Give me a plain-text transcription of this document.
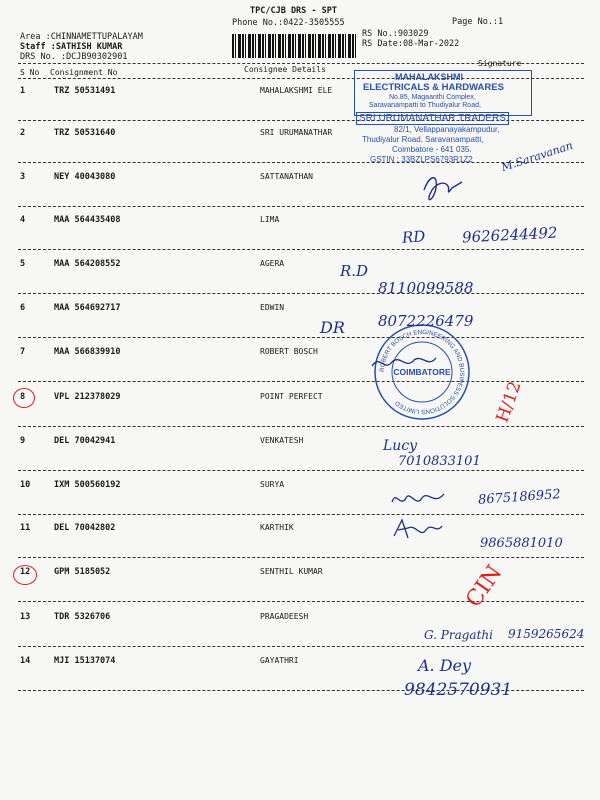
TPC/CJB DRS - SPT
Phone No.:0422-3505555	Page No.:1
Area :CHINNAMETTUPALAYAM
Staff :SATHISH KUMAR
DRS No. :DCJB90302901
RS No.:903029
RS Date:08-Mar-2022
S No Consignment No	Consignee Details
Signature
1	TRZ 50531491	MAHALAKSHMI ELE
2	TRZ 50531640	SRI URUMANATHAR
3	NEY 40043080	SATTANATHAN
4	MAA 564435408	LIMA
5	MAA 564208552	AGERA
6	MAA 564692717	EDWIN
7	MAA 566839910	ROBERT BOSCH
8	VPL 212378029	POINT PERFECT
9	DEL 70042941	VENKATESH
10	IXM 500560192	SURYA
11	DEL 70042802	KARTHIK
12	GPM 5185052	SENTHIL KUMAR
13	TDR 5326706	PRAGADEESH
14	MJI 15137074	GAYATHRI
MAHALAKSHMI
ELECTRICALS & HARDWARES
No.85, Magaanthi Complex,
Saravanampatti to Thudiyalur Road,
SRI URUMANATHAR TRADERS
82/1, Vellappanayakampudur,
Thudiyalur Road, Saravanampatti,
Coimbatore - 641 035.
GSTIN : 33BZLPS6793R1Z2
ROBERT BOSCH ENGINEERING AND BUSINESS SOLUTIONS LIMITED
COIMBATORE
M.Saravanan
RD 9626244492
R.D
8110099588
DR 8072226479
H/12
Lucy
7010833101
8675186952
9865881010
CIN
G. Pragathi 9159265624
A. Dey
9842570931
